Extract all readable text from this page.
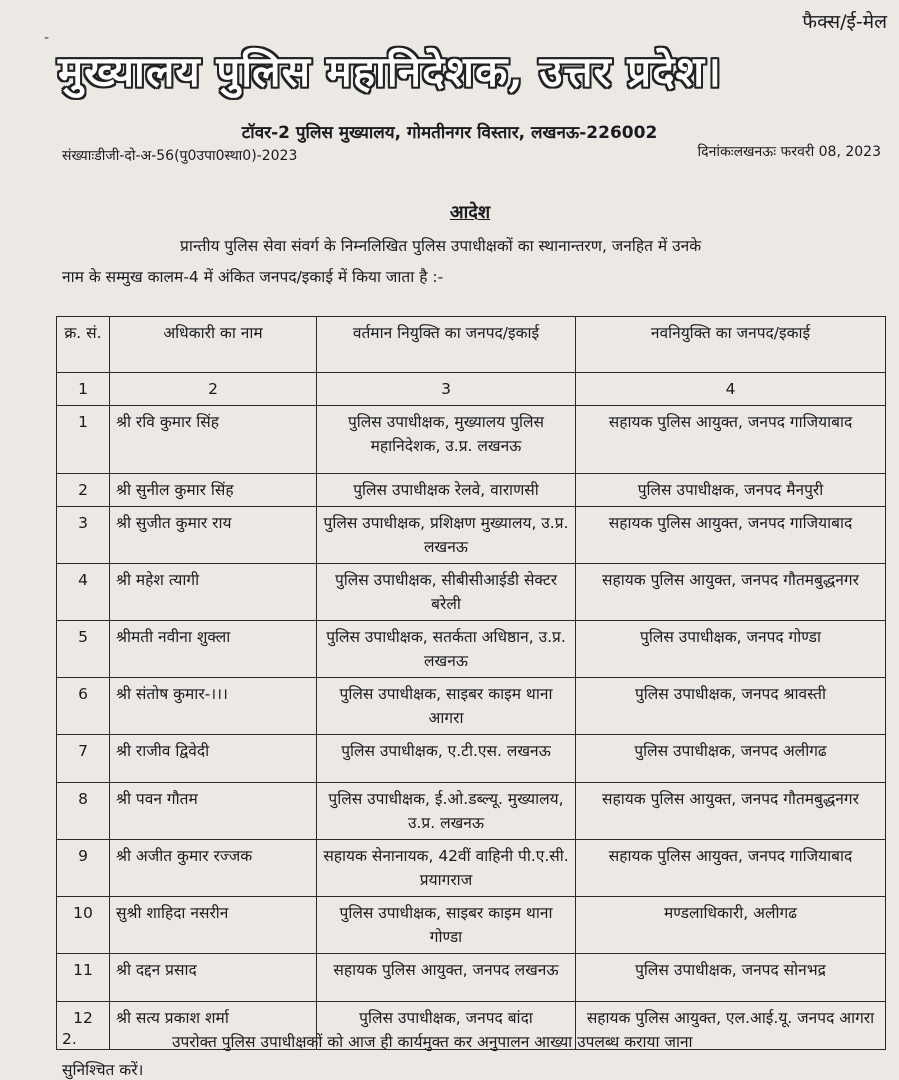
फैक्स/ई-मेल
-
मुख्यालय पुलिस महानिदेशक, उत्तर प्रदेश।
टॉवर-2 पुलिस मुख्यालय, गोमतीनगर विस्तार, लखनऊ-226002
संख्याःडीजी-दो-अ-56(पु0उपा0स्था0)-2023	दिनांकःलखनऊः फरवरी 08, 2023
आदेश
प्रान्तीय पुलिस सेवा संवर्ग के निम्नलिखित पुलिस उपाधीक्षकों का स्थानान्तरण, जनहित में उनके
नाम के सम्मुख कालम-4 में अंकित जनपद/इकाई में किया जाता है :-
क्र. सं.	अधिकारी का नाम	वर्तमान नियुक्ति का जनपद/इकाई	नवनियुक्ति का जनपद/इकाई
1	2	3	4
1	श्री रवि कुमार सिंह	पुलिस उपाधीक्षक, मुख्यालय पुलिस महानिदेशक, उ.प्र. लखनऊ	सहायक पुलिस आयुक्त, जनपद गाजियाबाद
2	श्री सुनील कुमार सिंह	पुलिस उपाधीक्षक रेलवे, वाराणसी	पुलिस उपाधीक्षक, जनपद मैनपुरी
3	श्री सुजीत कुमार राय	पुलिस उपाधीक्षक, प्रशिक्षण मुख्यालय, उ.प्र. लखनऊ	सहायक पुलिस आयुक्त, जनपद गाजियाबाद
4	श्री महेश त्यागी	पुलिस उपाधीक्षक, सीबीसीआईडी सेक्टर बरेली	सहायक पुलिस आयुक्त, जनपद गौतमबुद्धनगर
5	श्रीमती नवीना शुक्ला	पुलिस उपाधीक्षक, सतर्कता अधिष्ठान, उ.प्र. लखनऊ	पुलिस उपाधीक्षक, जनपद गोण्डा
6	श्री संतोष कुमार-।।।	पुलिस उपाधीक्षक, साइबर काइम थाना आगरा	पुलिस उपाधीक्षक, जनपद श्रावस्ती
7	श्री राजीव द्विवेदी	पुलिस उपाधीक्षक, ए.टी.एस. लखनऊ	पुलिस उपाधीक्षक, जनपद अलीगढ
8	श्री पवन गौतम	पुलिस उपाधीक्षक, ई.ओ.डब्ल्यू. मुख्यालय, उ.प्र. लखनऊ	सहायक पुलिस आयुक्त, जनपद गौतमबुद्धनगर
9	श्री अजीत कुमार रज्जक	सहायक सेनानायक, 42वीं वाहिनी पी.ए.सी. प्रयागराज	सहायक पुलिस आयुक्त, जनपद गाजियाबाद
10	सुश्री शाहिदा नसरीन	पुलिस उपाधीक्षक, साइबर काइम थाना गोण्डा	मण्डलाधिकारी, अलीगढ
11	श्री दद्दन प्रसाद	सहायक पुलिस आयुक्त, जनपद लखनऊ	पुलिस उपाधीक्षक, जनपद सोनभद्र
12	श्री सत्य प्रकाश शर्मा	पुलिस उपाधीक्षक, जनपद बांदा	सहायक पुलिस आयुक्त, एल.आई.यू. जनपद आगरा
2.	उपरोक्त पुलिस उपाधीक्षकों को आज ही कार्यमुक्त कर अनुपालन आख्या उपलब्ध कराया जाना
सुनिश्चित करें।
